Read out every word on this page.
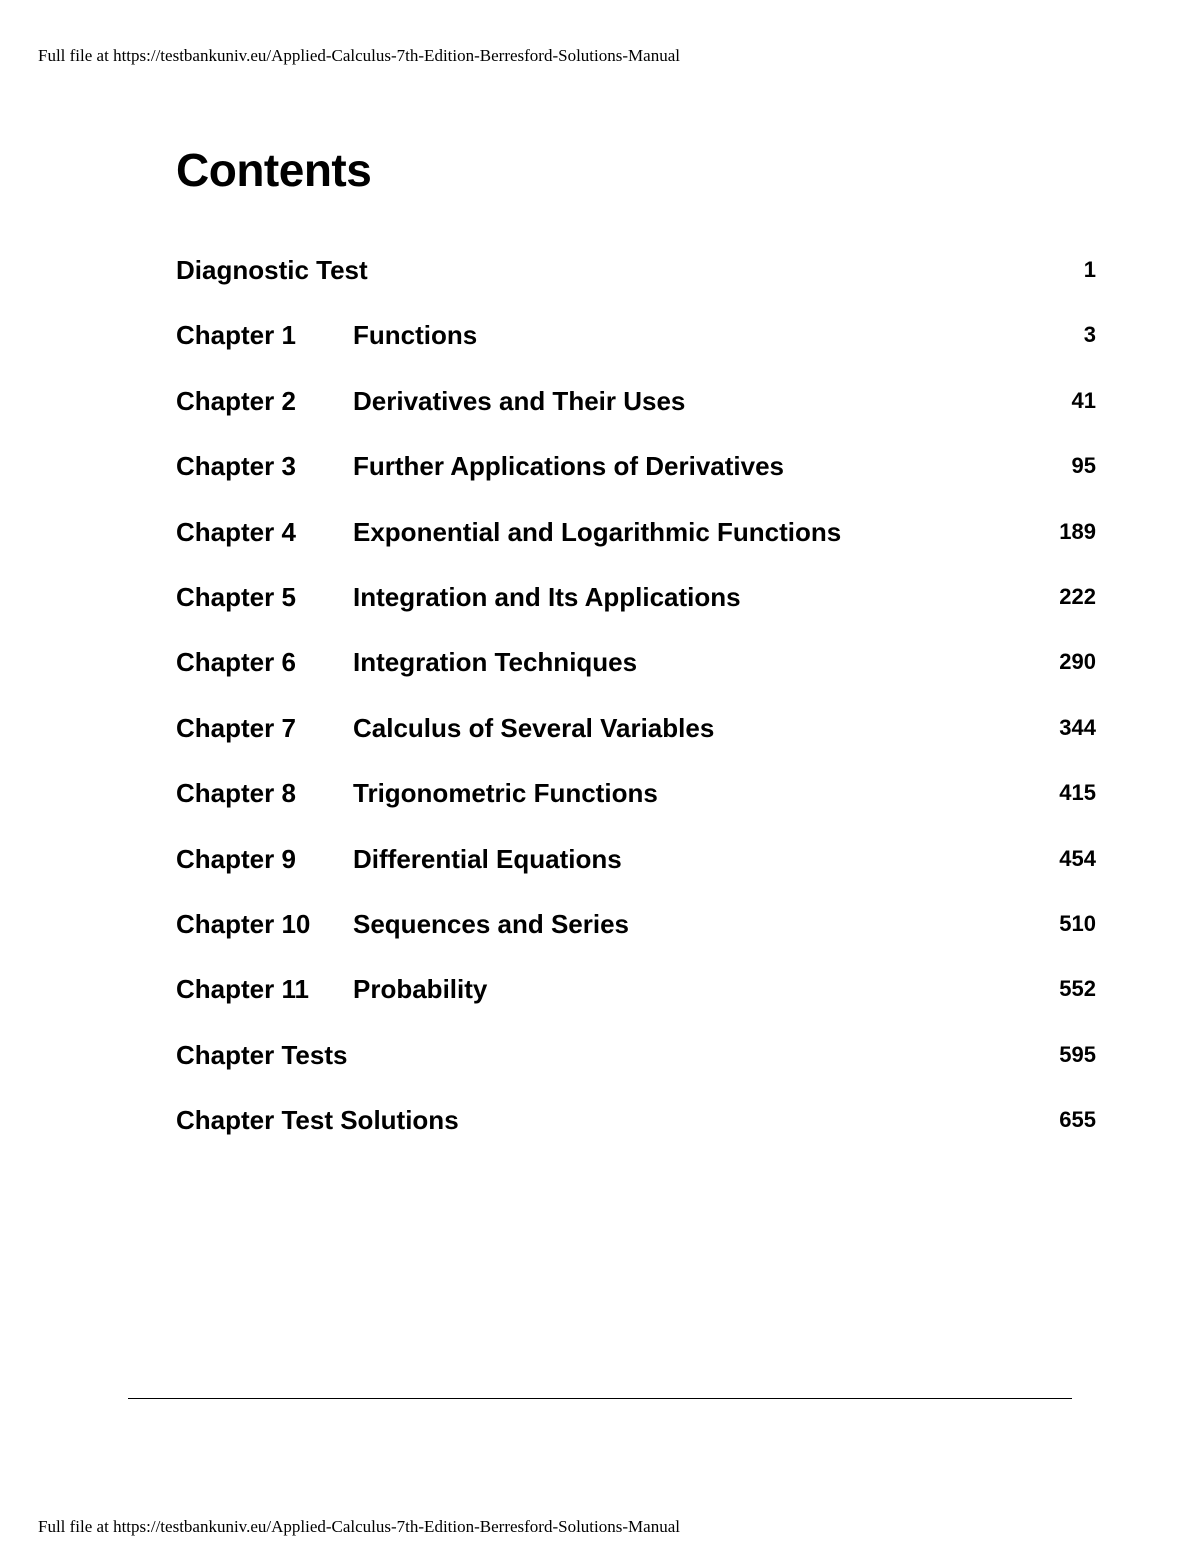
Full file at https://testbankuniv.eu/Applied-Calculus-7th-Edition-Berresford-Solutions-Manual
Contents
Diagnostic Test	1
Chapter 1 Functions	3
Chapter 2 Derivatives and Their Uses	41
Chapter 3 Further Applications of Derivatives	95
Chapter 4 Exponential and Logarithmic Functions	189
Chapter 5 Integration and Its Applications	222
Chapter 6 Integration Techniques	290
Chapter 7 Calculus of Several Variables	344
Chapter 8 Trigonometric Functions	415
Chapter 9 Differential Equations	454
Chapter 10 Sequences and Series	510
Chapter 11 Probability	552
Chapter Tests	595
Chapter Test Solutions	655
Full file at https://testbankuniv.eu/Applied-Calculus-7th-Edition-Berresford-Solutions-Manual
